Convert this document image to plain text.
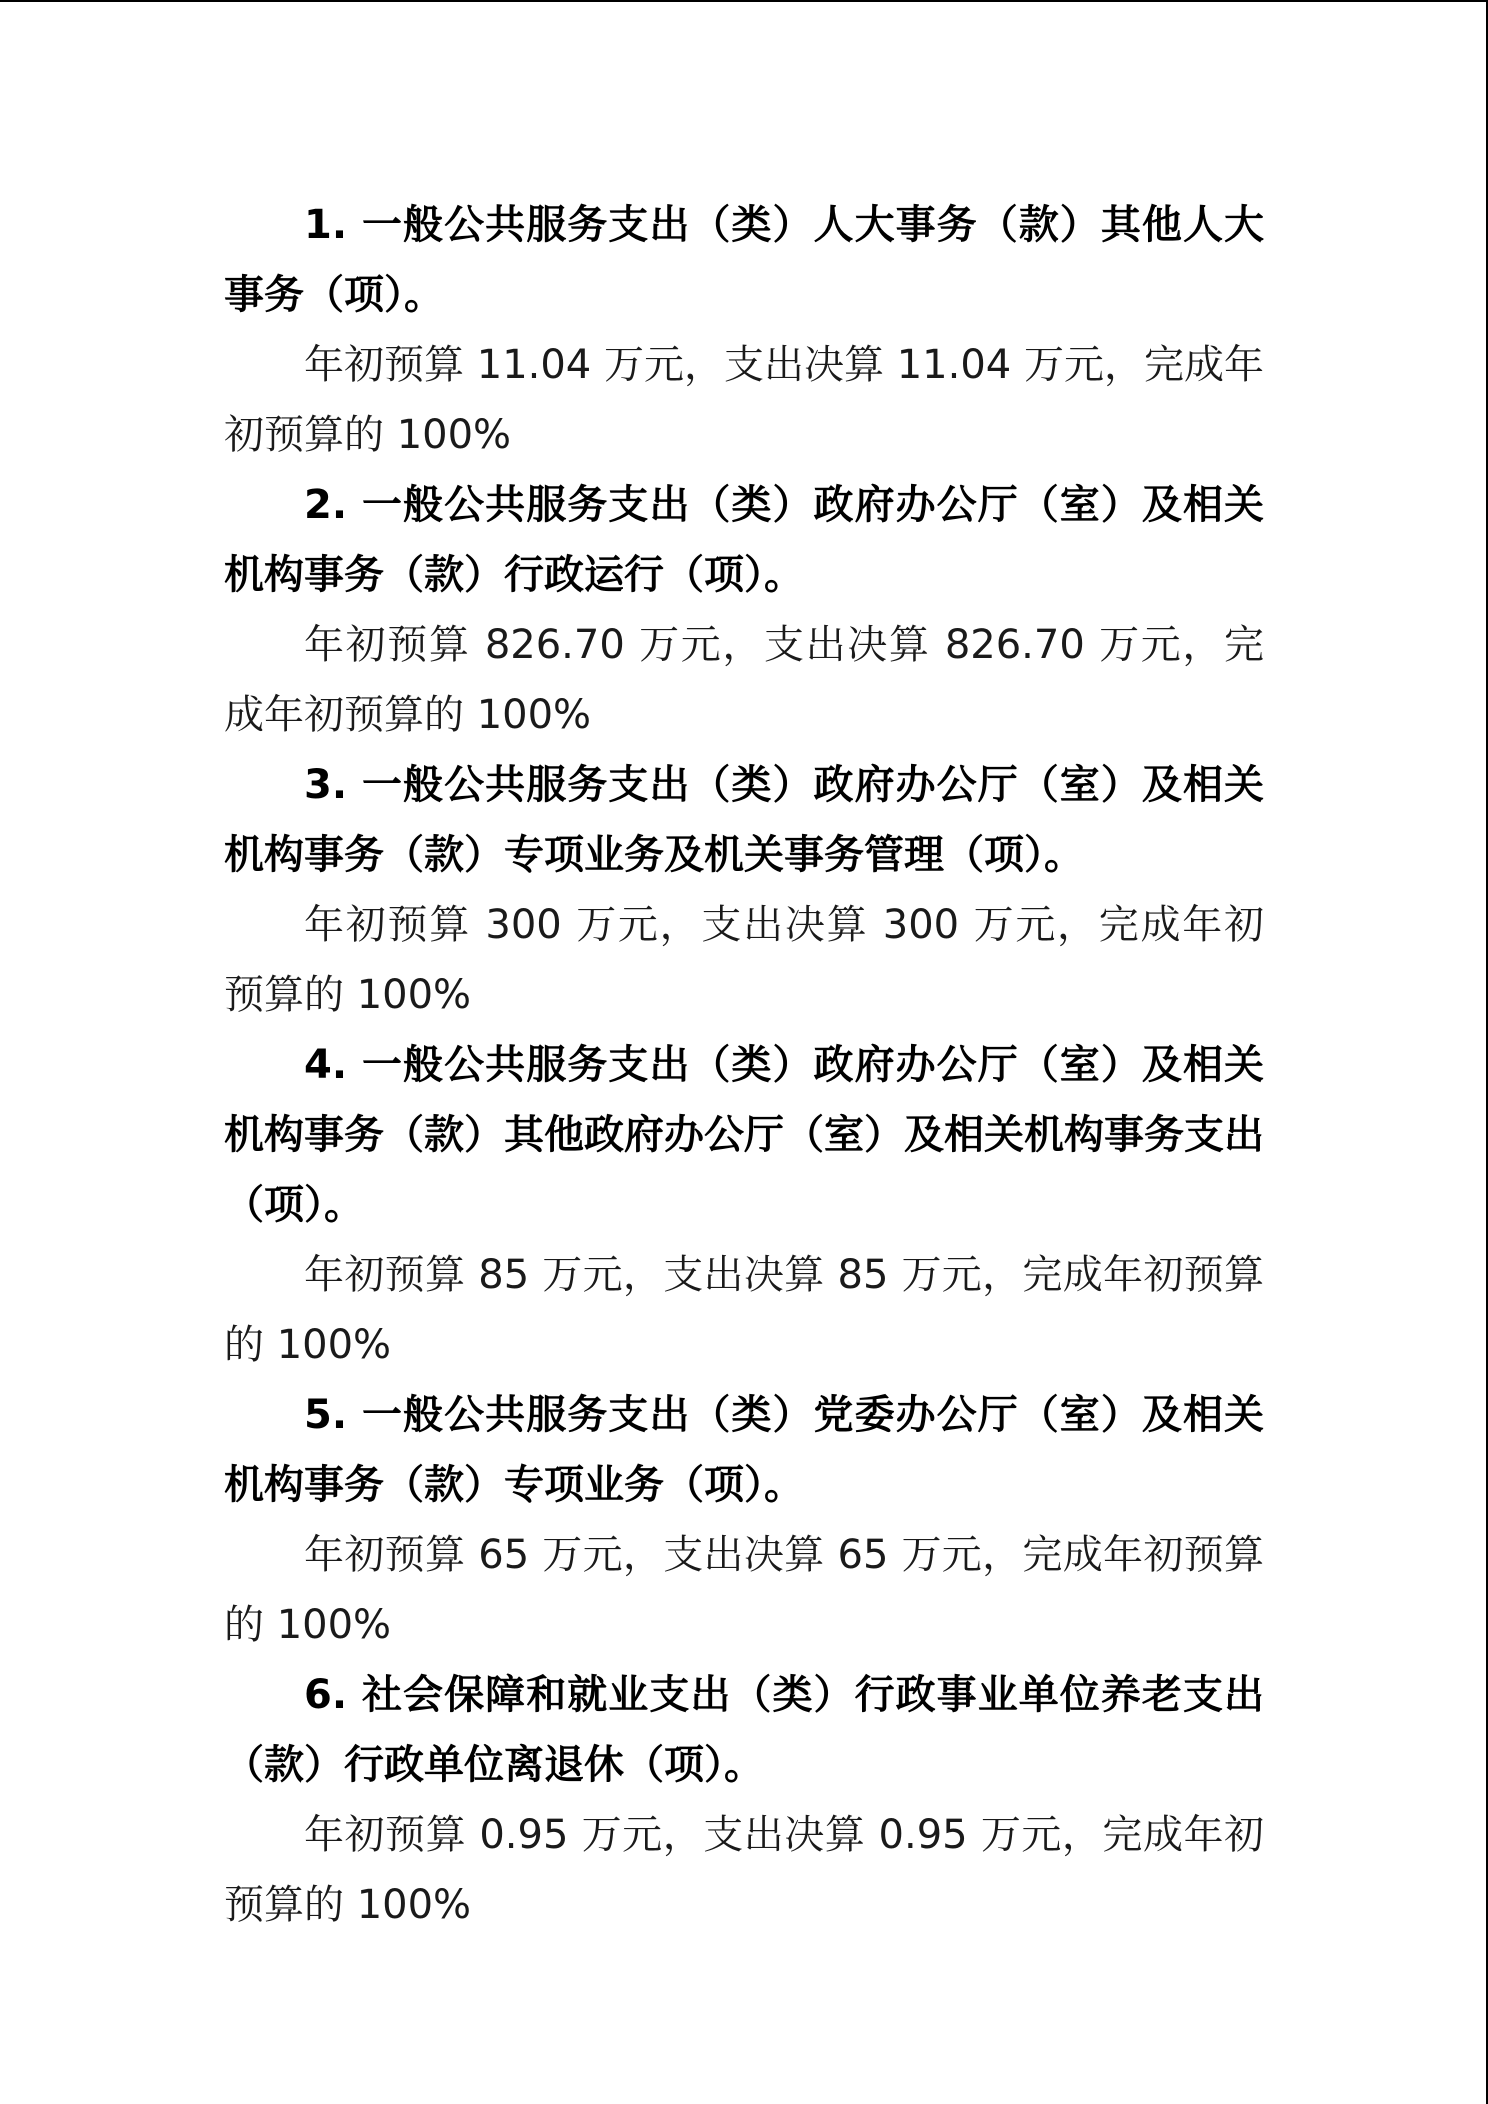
1. 一般公共服务支出（类）人大事务（款）其他人大事务（项）。

年初预算 11.04 万元，支出决算 11.04 万元，完成年初预算的 100%

2. 一般公共服务支出（类）政府办公厅（室）及相关机构事务（款）行政运行（项）。

年初预算 826.70 万元，支出决算 826.70 万元，完成年初预算的 100%

3. 一般公共服务支出（类）政府办公厅（室）及相关机构事务（款）专项业务及机关事务管理（项）。

年初预算 300 万元，支出决算 300 万元，完成年初预算的 100%

4. 一般公共服务支出（类）政府办公厅（室）及相关机构事务（款）其他政府办公厅（室）及相关机构事务支出（项）。

年初预算 85 万元，支出决算 85 万元，完成年初预算的 100%

5. 一般公共服务支出（类）党委办公厅（室）及相关机构事务（款）专项业务（项）。

年初预算 65 万元，支出决算 65 万元，完成年初预算的 100%

6. 社会保障和就业支出（类）行政事业单位养老支出（款）行政单位离退休（项）。

年初预算 0.95 万元，支出决算 0.95 万元，完成年初预算的 100%
